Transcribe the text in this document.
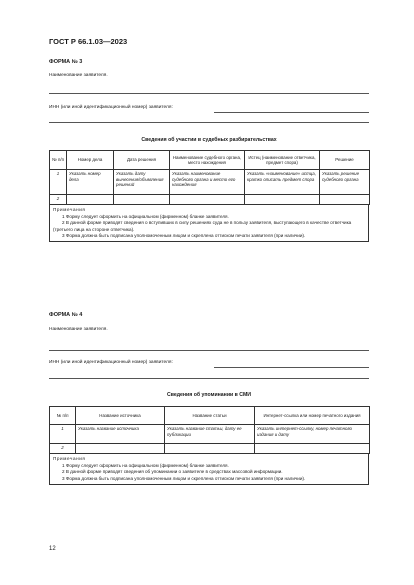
ГОСТ Р 66.1.03—2023
ФОРМА № 3
Наименование заявителя.
ИНН (или иной идентификационный номер) заявителя:
Сведения об участии в судебных разбирательствах
№ п/п	Номер дела	Дата решения	Наименование судебного органа, место нахождения	Истец (наименование ответчика, предмет спора)	Решение
1	Указать номер дела	Указать дату вынесения/объявления решений	Указать наименование судебного органа и место его нахождения	Указать «наименование» истца, кратко описать предмет спора	Указать решение судебного органа
2					
Примечания

1 Форму следует оформить на официальном (фирменном) бланке заявителя.

2 В данной форме приводят сведения о вступивших в силу решениях суда не в пользу заявителя, выступающего в качестве ответчика (третьего лица на стороне ответчика).

3 Форма должна быть подписана уполномоченным лицом и скреплена оттиском печати заявителя (при наличии).

ФОРМА № 4
Наименование заявителя.
ИНН (или иной идентификационный номер) заявителя:
Сведения об упоминании в СМИ
№ п/п	Название источника	Название статьи	Интернет-ссылка или номер печатного издания
1	Указать название источника	Указать название статьи, дату ее публикации	Указать интернет-ссылку, номер печатного издания и дату
2			
Примечания

1 Форму следует оформить на официальном (фирменном) бланке заявителя.

2 В данной форме приводят сведения об упоминании о заявителе в средствах массовой информации.

3 Форма должна быть подписана уполномоченным лицом и скреплена оттиском печати заявителя (при наличии).

12
